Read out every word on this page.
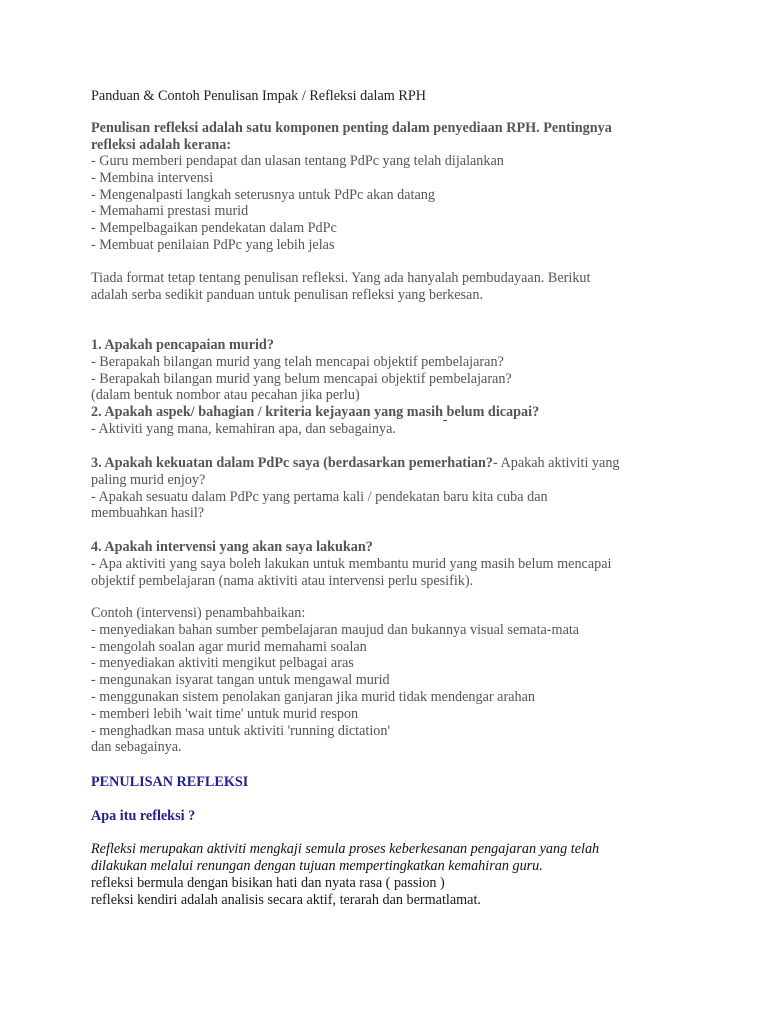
Panduan & Contoh Penulisan Impak / Refleksi dalam RPH
Penulisan refleksi adalah satu komponen penting dalam penyediaan RPH. Pentingnya
refleksi adalah kerana:
- Guru memberi pendapat dan ulasan tentang PdPc yang telah dijalankan
- Membina intervensi
- Mengenalpasti langkah seterusnya untuk PdPc akan datang
- Memahami prestasi murid
- Mempelbagaikan pendekatan dalam PdPc
- Membuat penilaian PdPc yang lebih jelas
Tiada format tetap tentang penulisan refleksi. Yang ada hanyalah pembudayaan. Berikut
adalah serba sedikit panduan untuk penulisan refleksi yang berkesan.
1. Apakah pencapaian murid?
- Berapakah bilangan murid yang telah mencapai objektif pembelajaran?
- Berapakah bilangan murid yang belum mencapai objektif pembelajaran?
(dalam bentuk nombor atau pecahan jika perlu)
2. Apakah aspek/ bahagian / kriteria kejayaan yang masih belum dicapai?
- Aktiviti yang mana, kemahiran apa, dan sebagainya.
3. Apakah kekuatan dalam PdPc saya (berdasarkan pemerhatian?- Apakah aktiviti yang
paling murid enjoy?
- Apakah sesuatu dalam PdPc yang pertama kali / pendekatan baru kita cuba dan
membuahkan hasil?
4. Apakah intervensi yang akan saya lakukan?
- Apa aktiviti yang saya boleh lakukan untuk membantu murid yang masih belum mencapai
objektif pembelajaran (nama aktiviti atau intervensi perlu spesifik).
Contoh (intervensi) penambahbaikan:
- menyediakan bahan sumber pembelajaran maujud dan bukannya visual semata-mata
- mengolah soalan agar murid memahami soalan
- menyediakan aktiviti mengikut pelbagai aras
- mengunakan isyarat tangan untuk mengawal murid
- menggunakan sistem penolakan ganjaran jika murid tidak mendengar arahan
- memberi lebih 'wait time' untuk murid respon
- menghadkan masa untuk aktiviti 'running dictation'
dan sebagainya.
PENULISAN REFLEKSI
Apa itu refleksi ?
Refleksi merupakan aktiviti mengkaji semula proses keberkesanan pengajaran yang telah
dilakukan melalui renungan dengan tujuan mempertingkatkan kemahiran guru.
refleksi bermula dengan bisikan hati dan nyata rasa ( passion )
refleksi kendiri adalah analisis secara aktif, terarah dan bermatlamat.
